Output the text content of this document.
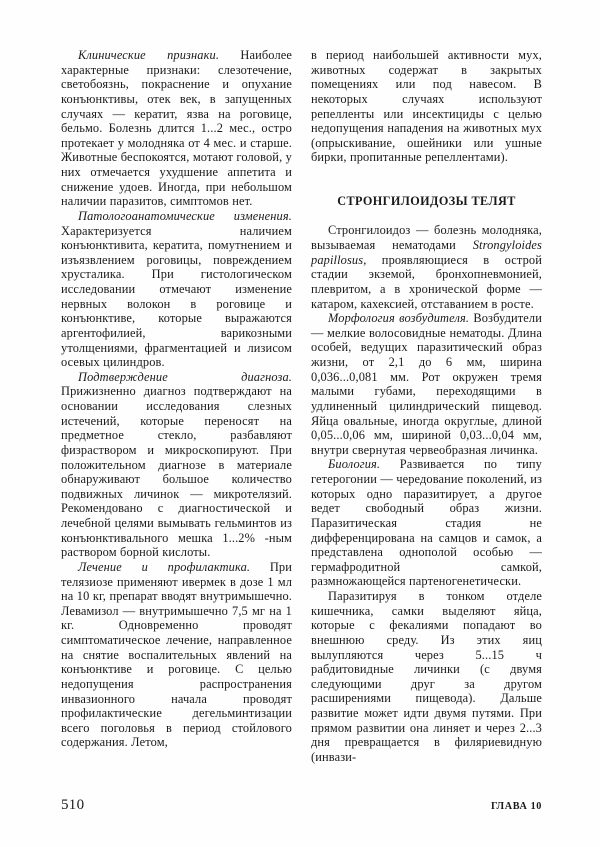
Клинические признаки. Наиболее характерные признаки: слезотечение, светобоязнь, покраснение и опухание конъюнктивы, отек век, в запущенных случаях — кератит, язва на роговице, бельмо. Болезнь длится 1...2 мес., остро протекает у молодняка от 4 мес. и старше. Животные беспокоятся, мотают головой, у них отмечается ухудшение аппетита и снижение удоев. Иногда, при небольшом наличии паразитов, симптомов нет.

Патологоанатомические изменения. Характеризуется наличием конъюнктивита, кератита, помутнением и изъязвлением роговицы, повреждением хрусталика. При гистологическом исследовании отмечают изменение нервных волокон в роговице и конъюнктиве, которые выражаются аргентофилией, варикозными утолщениями, фрагментацией и лизисом осевых цилиндров.

Подтверждение диагноза. Прижизненно диагноз подтверждают на основании исследования слезных истечений, которые переносят на предметное стекло, разбавляют физраствором и микроскопируют. При положительном диагнозе в материале обнаруживают большое количество подвижных личинок — микротелязий. Рекомендовано с диагностической и лечебной целями вымывать гельминтов из конъюнктивального мешка 1...2% -ным раствором борной кислоты.

Лечение и профилактика. При телязиозе применяют ивермек в дозе 1 мл на 10 кг, препарат вводят внутримышечно. Левамизол — внутримышечно 7,5 мг на 1 кг. Одновременно проводят симптоматическое лечение, направленное на снятие воспалительных явлений на конъюнктиве и роговице. С целью недопущения распространения инвазионного начала проводят профилактические дегельминтизации всего поголовья в период стойлового содержания. Летом,

в период наибольшей активности мух, животных содержат в закрытых помещениях или под навесом. В некоторых случаях используют репелленты или инсектициды с целью недопущения нападения на животных мух (опрыскивание, ошейники или ушные бирки, пропитанные репеллентами).

СТРОНГИЛОИДОЗЫ ТЕЛЯТ

Стронгилоидоз — болезнь молодняка, вызываемая нематодами Strongyloides papillosus, проявляющиеся в острой стадии экземой, бронхопневмонией, плевритом, а в хронической форме — катаром, кахексией, отставанием в росте.

Морфология возбудителя. Возбудители — мелкие волосовидные нематоды. Длина особей, ведущих паразитический образ жизни, от 2,1 до 6 мм, ширина 0,036...0,081 мм. Рот окружен тремя малыми губами, переходящими в удлиненный цилиндрический пищевод. Яйца овальные, иногда округлые, длиной 0,05...0,06 мм, шириной 0,03...0,04 мм, внутри свернутая червеобразная личинка.

Биология. Развивается по типу гетерогонии — чередование поколений, из которых одно паразитирует, а другое ведет свободный образ жизни. Паразитическая стадия не дифференцирована на самцов и самок, а представлена однополой особью — гермафродитной самкой, размножающейся партеногенетически.

Паразитируя в тонком отделе кишечника, самки выделяют яйца, которые с фекалиями попадают во внешнюю среду. Из этих яиц вылупляются через 5...15 ч рабдитовидные личинки (с двумя следующими друг за другом расширениями пищевода). Дальше развитие может идти двумя путями. При прямом развитии она линяет и через 2...3 дня превращается в филяриевидную (инвази-

510	ГЛАВА 10
